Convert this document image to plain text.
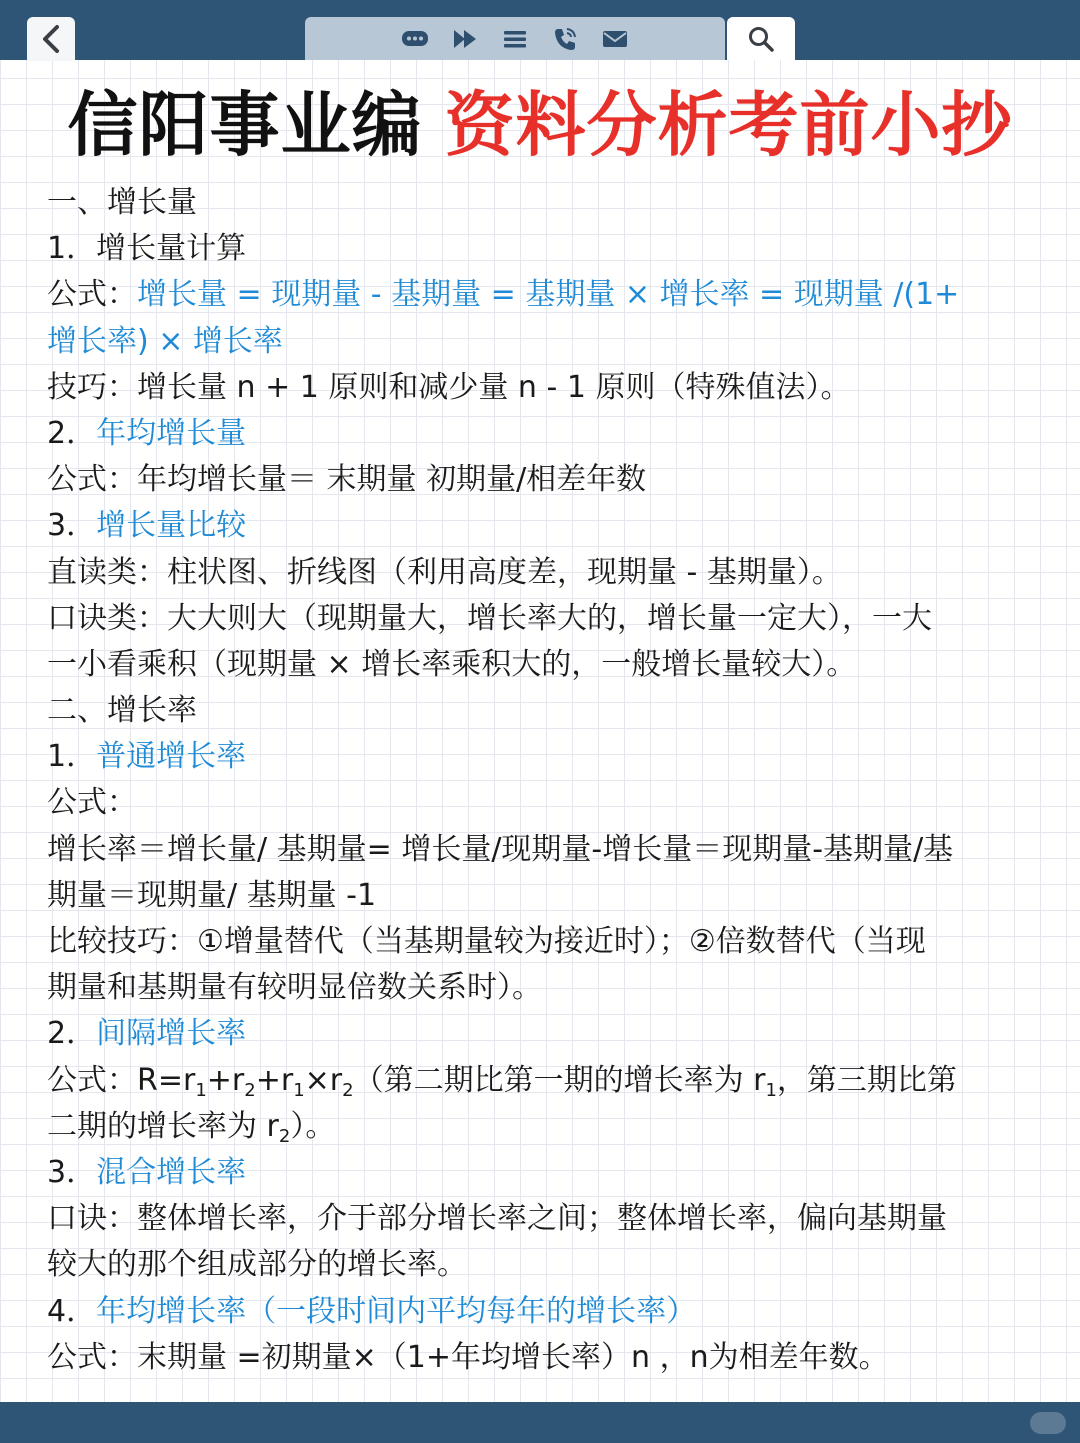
信阳事业编 资料分析考前小抄
一、增长量
1．增长量计算
公式：增长量 = 现期量 - 基期量 = 基期量 × 增长率 = 现期量 /(1+
增长率) × 增长率
技巧：增长量 n + 1 原则和减少量 n - 1 原则（特殊值法）。
2．年均增长量
公式：年均增长量＝ 末期量 初期量/相差年数
3．增长量比较
直读类：柱状图、折线图（利用高度差，现期量 - 基期量）。
口诀类：大大则大（现期量大，增长率大的，增长量一定大），一大
一小看乘积（现期量 × 增长率乘积大的，一般增长量较大）。
二、增长率
1．普通增长率
公式：
增长率＝增长量/ 基期量= 增长量/现期量-增长量＝现期量-基期量/基
期量＝现期量/ 基期量 -1
比较技巧：①增量替代（当基期量较为接近时）；②倍数替代（当现
期量和基期量有较明显倍数关系时）。
2．间隔增长率
公式：$R=r_1+r_2+r_1\times r_2$（第二期比第一期的增长率为 $r_1$，第三期比第
二期的增长率为 $r_2$）。
3．混合增长率
口诀：整体增长率，介于部分增长率之间；整体增长率，偏向基期量
较大的那个组成部分的增长率。
4．年均增长率（一段时间内平均每年的增长率）
公式：末期量 =初期量×（1+年均增长率）n ，n为相差年数。
